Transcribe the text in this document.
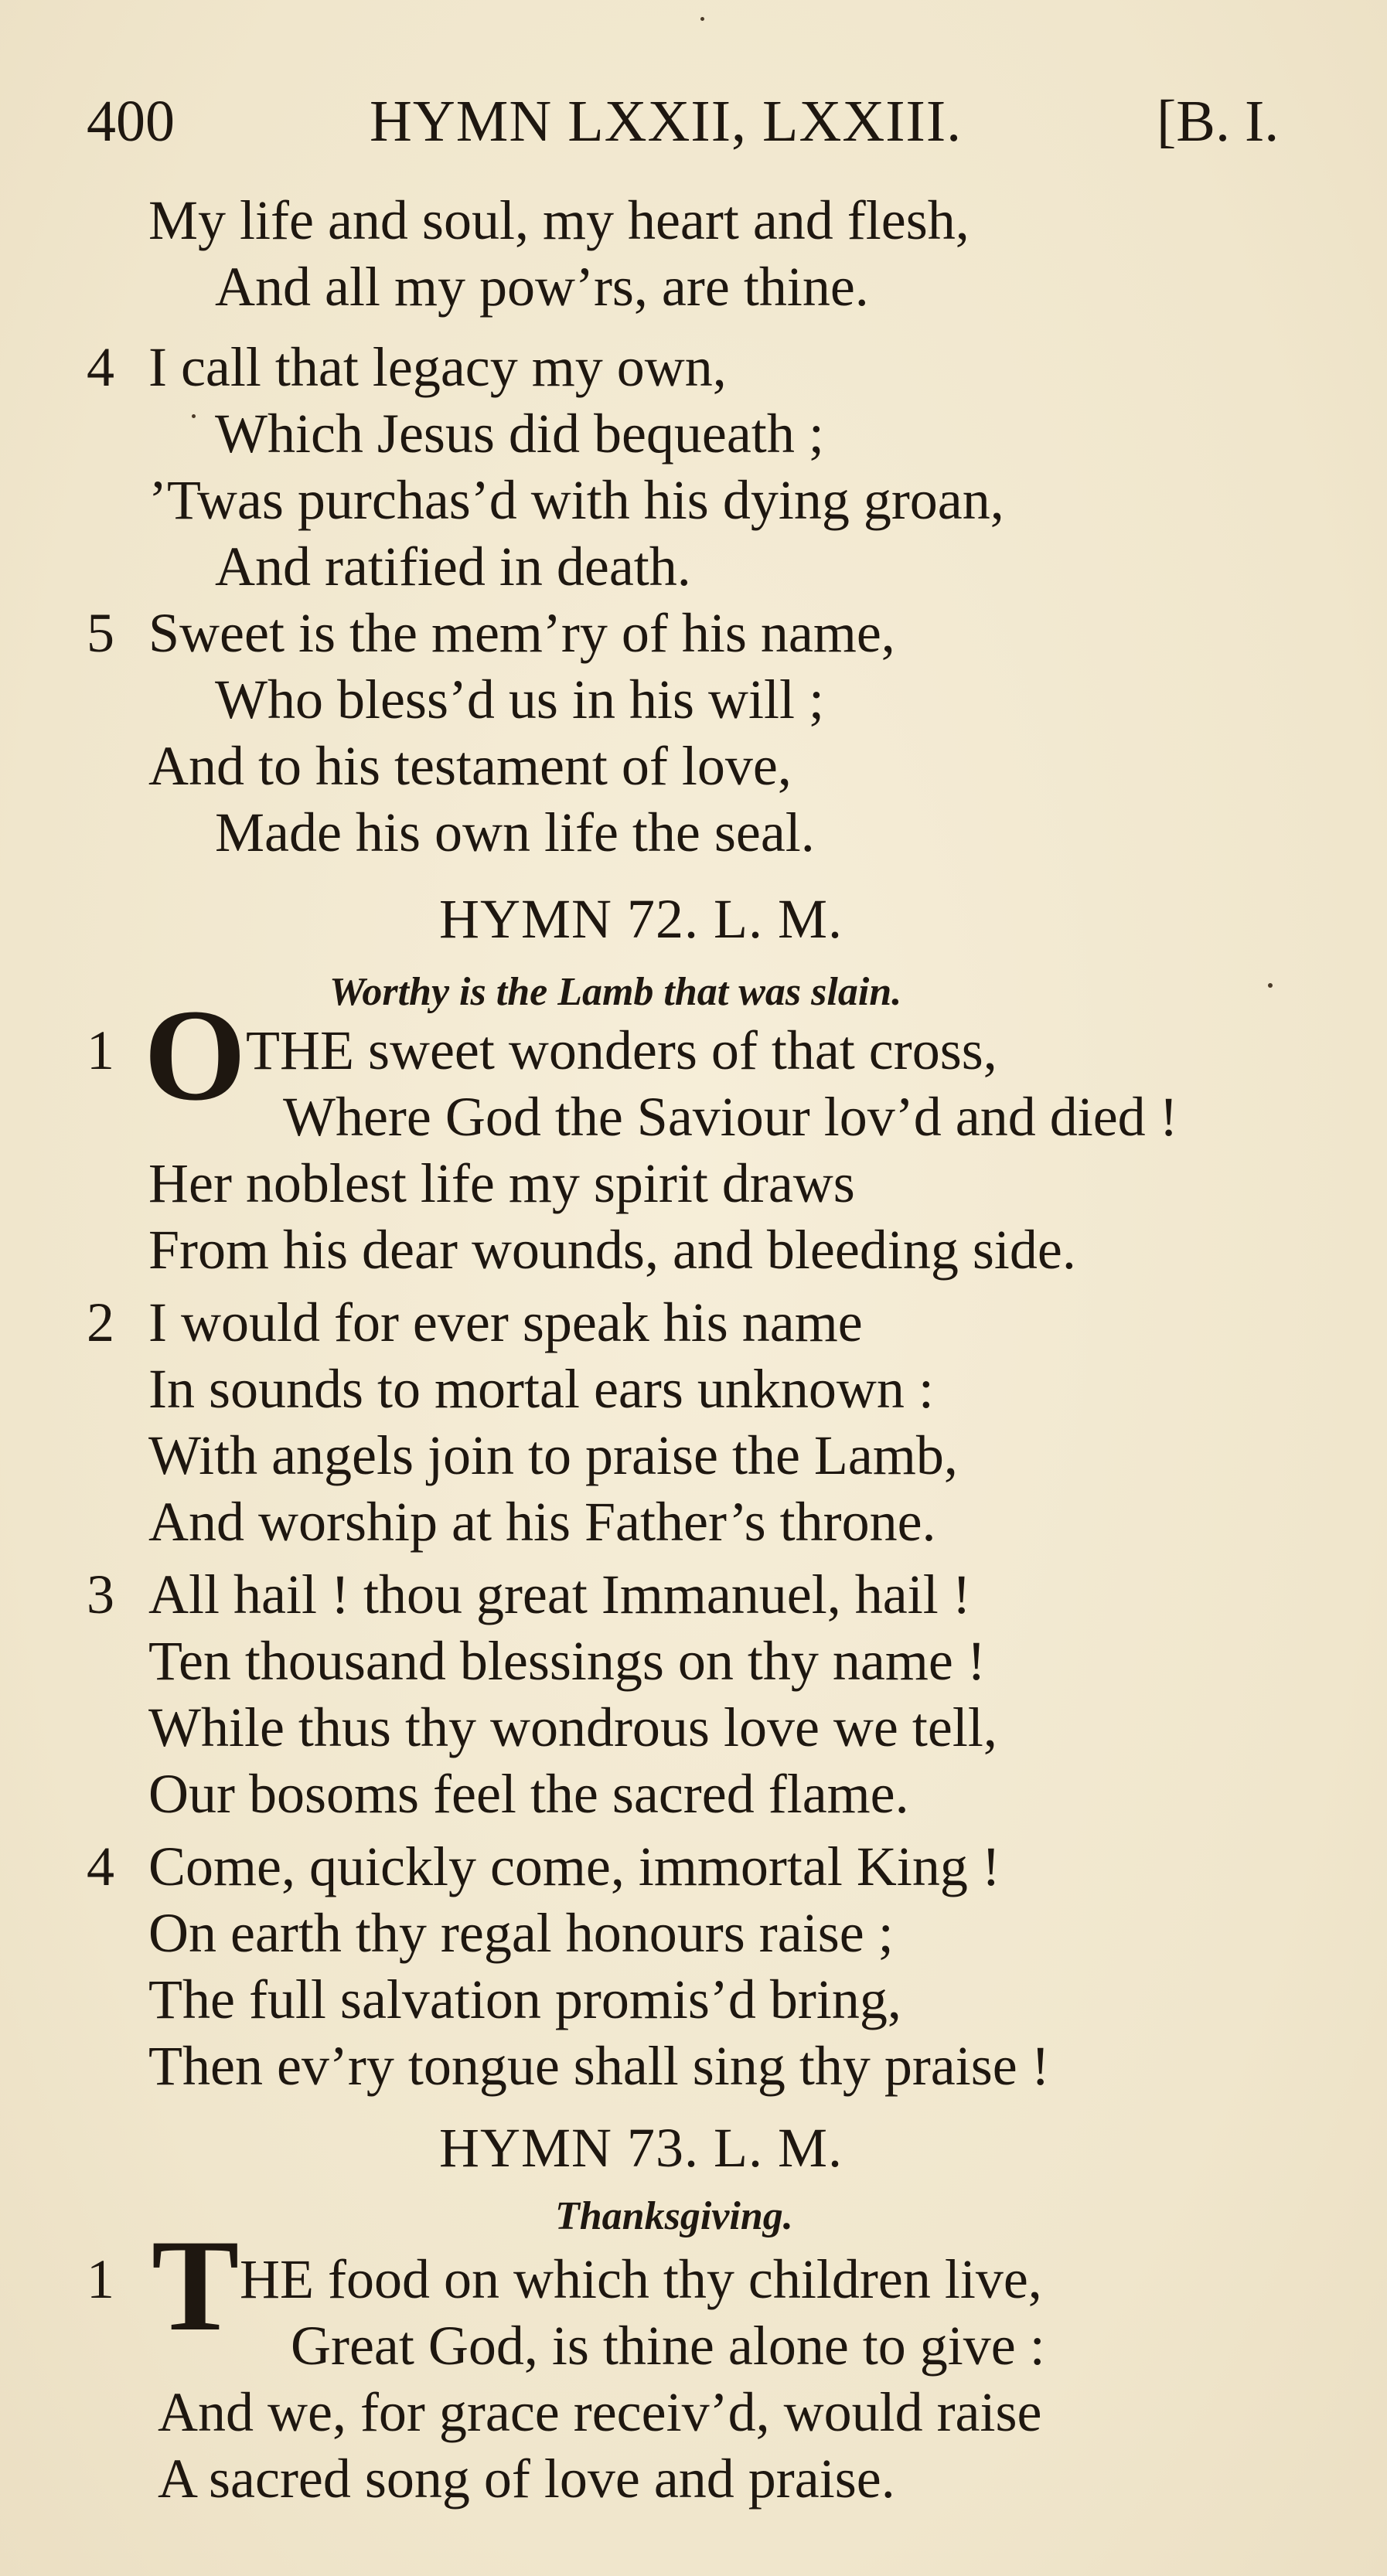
400	HYMN LXXII, LXXIII.	[B. I.
My life and soul, my heart and flesh,
And all my pow’rs, are thine.
4 I call that legacy my own,
Which Jesus did bequeath ;
’Twas purchas’d with his dying groan,
And ratified in death.
5 Sweet is the mem’ry of his name,
Who bless’d us in his will ;
And to his testament of love,
Made his own life the seal.
HYMN 72. L. M.
Worthy is the Lamb that was slain.
1 O THE sweet wonders of that cross,
Where God the Saviour lov’d and died !
Her noblest life my spirit draws
From his dear wounds, and bleeding side.
2 I would for ever speak his name
In sounds to mortal ears unknown :
With angels join to praise the Lamb,
And worship at his Father’s throne.
3 All hail ! thou great Immanuel, hail !
Ten thousand blessings on thy name !
While thus thy wondrous love we tell,
Our bosoms feel the sacred flame.
4 Come, quickly come, immortal King !
On earth thy regal honours raise ;
The full salvation promis’d bring,
Then ev’ry tongue shall sing thy praise !
HYMN 73. L. M.
Thanksgiving.
1 T HE food on which thy children live,
Great God, is thine alone to give :
And we, for grace receiv’d, would raise
A sacred song of love and praise.
